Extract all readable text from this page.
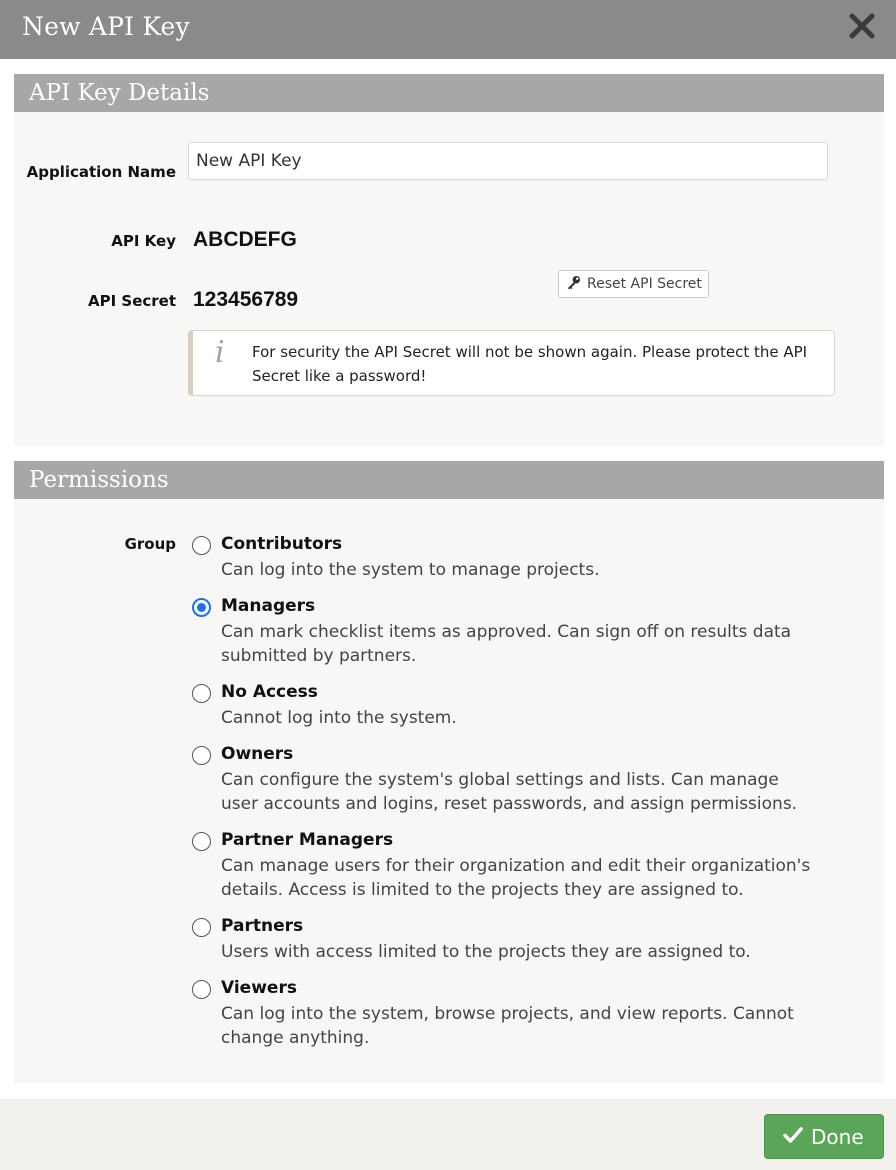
New API Key
API Key Details
Application Name
New API Key
API Key ABCDEFG
API Secret 123456789
Reset API Secret
i For security the API Secret will not be shown again. Please protect the API Secret like a password!
Permissions
Group	Contributors
Can log into the system to manage projects.
Managers
Can mark checklist items as approved. Can sign off on results data submitted by partners.
No Access
Cannot log into the system.
Owners
Can configure the system's global settings and lists. Can manage user accounts and logins, reset passwords, and assign permissions.
Partner Managers
Can manage users for their organization and edit their organization's details. Access is limited to the projects they are assigned to.
Partners
Users with access limited to the projects they are assigned to.
Viewers
Can log into the system, browse projects, and view reports. Cannot change anything.
Done
